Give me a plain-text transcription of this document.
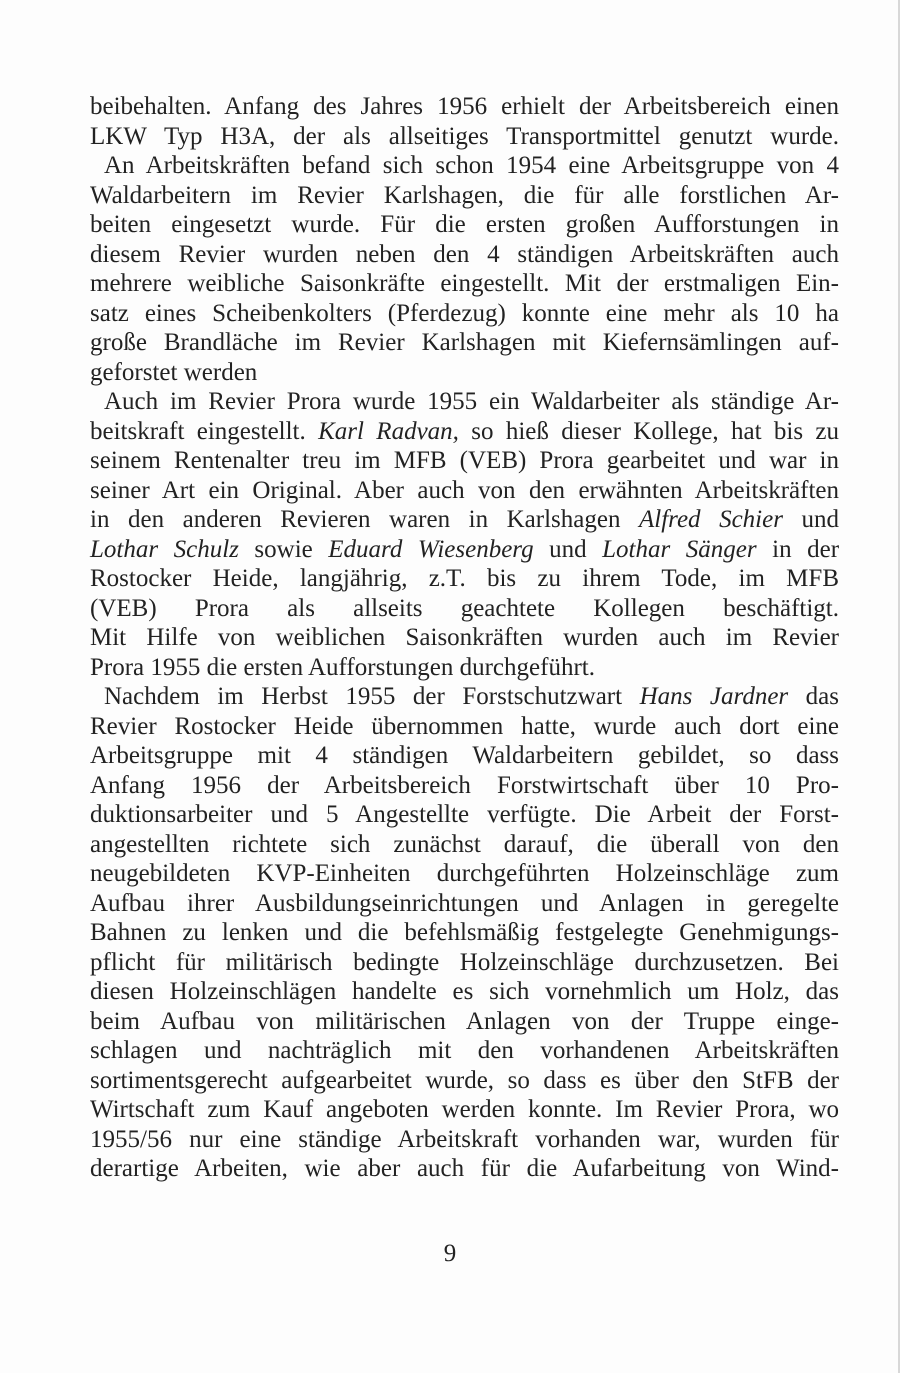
beibehalten. Anfang des Jahres 1956 erhielt der Arbeitsbereich einen
LKW Typ H3A, der als allseitiges Transportmittel genutzt wurde.
An Arbeitskräften befand sich schon 1954 eine Arbeitsgruppe von 4
Waldarbeitern im Revier Karlshagen, die für alle forstlichen Ar-
beiten eingesetzt wurde. Für die ersten großen Aufforstungen in
diesem Revier wurden neben den 4 ständigen Arbeitskräften auch
mehrere weibliche Saisonkräfte eingestellt. Mit der erstmaligen Ein-
satz eines Scheibenkolters (Pferdezug) konnte eine mehr als 10 ha
große Brandläche im Revier Karlshagen mit Kiefernsämlingen auf-
geforstet werden
Auch im Revier Prora wurde 1955 ein Waldarbeiter als ständige Ar-
beitskraft eingestellt. Karl Radvan, so hieß dieser Kollege, hat bis zu
seinem Rentenalter treu im MFB (VEB) Prora gearbeitet und war in
seiner Art ein Original. Aber auch von den erwähnten Arbeitskräften
in den anderen Revieren waren in Karlshagen Alfred Schier und
Lothar Schulz sowie Eduard Wiesenberg und Lothar Sänger in der
Rostocker Heide, langjährig, z.T. bis zu ihrem Tode, im MFB
(VEB) Prora als allseits geachtete Kollegen beschäftigt.
Mit Hilfe von weiblichen Saisonkräften wurden auch im Revier
Prora 1955 die ersten Aufforstungen durchgeführt.
Nachdem im Herbst 1955 der Forstschutzwart Hans Jardner das
Revier Rostocker Heide übernommen hatte, wurde auch dort eine
Arbeitsgruppe mit 4 ständigen Waldarbeitern gebildet, so dass
Anfang 1956 der Arbeitsbereich Forstwirtschaft über 10 Pro-
duktionsarbeiter und 5 Angestellte verfügte. Die Arbeit der Forst-
angestellten richtete sich zunächst darauf, die überall von den
neugebildeten KVP-Einheiten durchgeführten Holzeinschläge zum
Aufbau ihrer Ausbildungseinrichtungen und Anlagen in geregelte
Bahnen zu lenken und die befehlsmäßig festgelegte Genehmigungs-
pflicht für militärisch bedingte Holzeinschläge durchzusetzen. Bei
diesen Holzeinschlägen handelte es sich vornehmlich um Holz, das
beim Aufbau von militärischen Anlagen von der Truppe einge-
schlagen und nachträglich mit den vorhandenen Arbeitskräften
sortimentsgerecht aufgearbeitet wurde, so dass es über den StFB der
Wirtschaft zum Kauf angeboten werden konnte. Im Revier Prora, wo
1955/56 nur eine ständige Arbeitskraft vorhanden war, wurden für
derartige Arbeiten, wie aber auch für die Aufarbeitung von Wind-
9
